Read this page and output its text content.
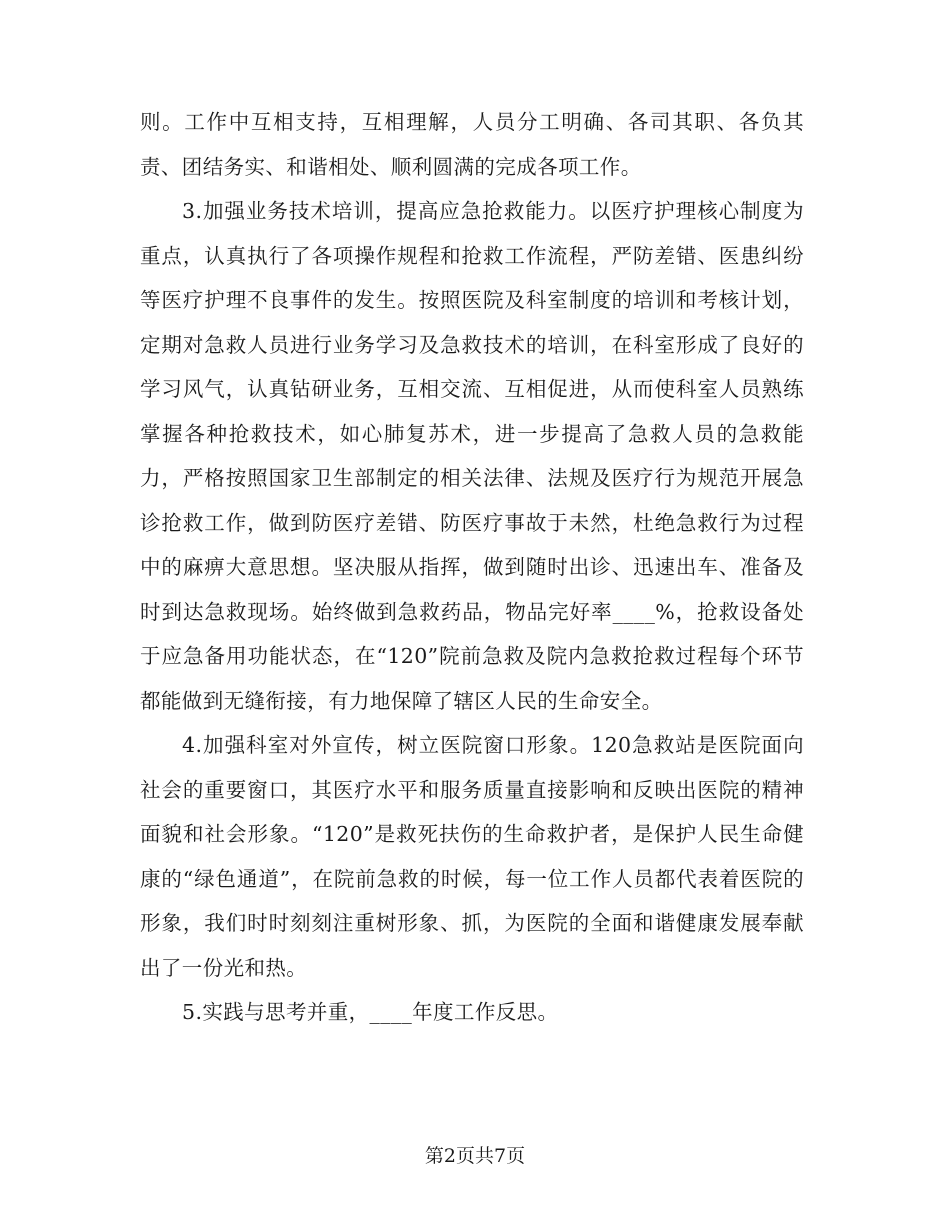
则。工作中互相支持，互相理解，人员分工明确、各司其职、各负其责、团结务实、和谐相处、顺利圆满的完成各项工作。

3.加强业务技术培训，提高应急抢救能力。以医疗护理核心制度为重点，认真执行了各项操作规程和抢救工作流程，严防差错、医患纠纷等医疗护理不良事件的发生。按照医院及科室制度的培训和考核计划，定期对急救人员进行业务学习及急救技术的培训，在科室形成了良好的学习风气，认真钻研业务，互相交流、互相促进，从而使科室人员熟练掌握各种抢救技术，如心肺复苏术，进一步提高了急救人员的急救能力，严格按照国家卫生部制定的相关法律、法规及医疗行为规范开展急诊抢救工作，做到防医疗差错、防医疗事故于未然，杜绝急救行为过程中的麻痹大意思想。坚决服从指挥，做到随时出诊、迅速出车、准备及时到达急救现场。始终做到急救药品，物品完好率____%，抢救设备处于应急备用功能状态，在“120”院前急救及院内急救抢救过程每个环节都能做到无缝衔接，有力地保障了辖区人民的生命安全。

4.加强科室对外宣传，树立医院窗口形象。120急救站是医院面向社会的重要窗口，其医疗水平和服务质量直接影响和反映出医院的精神面貌和社会形象。“120”是救死扶伤的生命救护者，是保护人民生命健康的“绿色通道”，在院前急救的时候，每一位工作人员都代表着医院的形象，我们时时刻刻注重树形象、抓，为医院的全面和谐健康发展奉献出了一份光和热。

5.实践与思考并重，____年度工作反思。

第2页共7页
